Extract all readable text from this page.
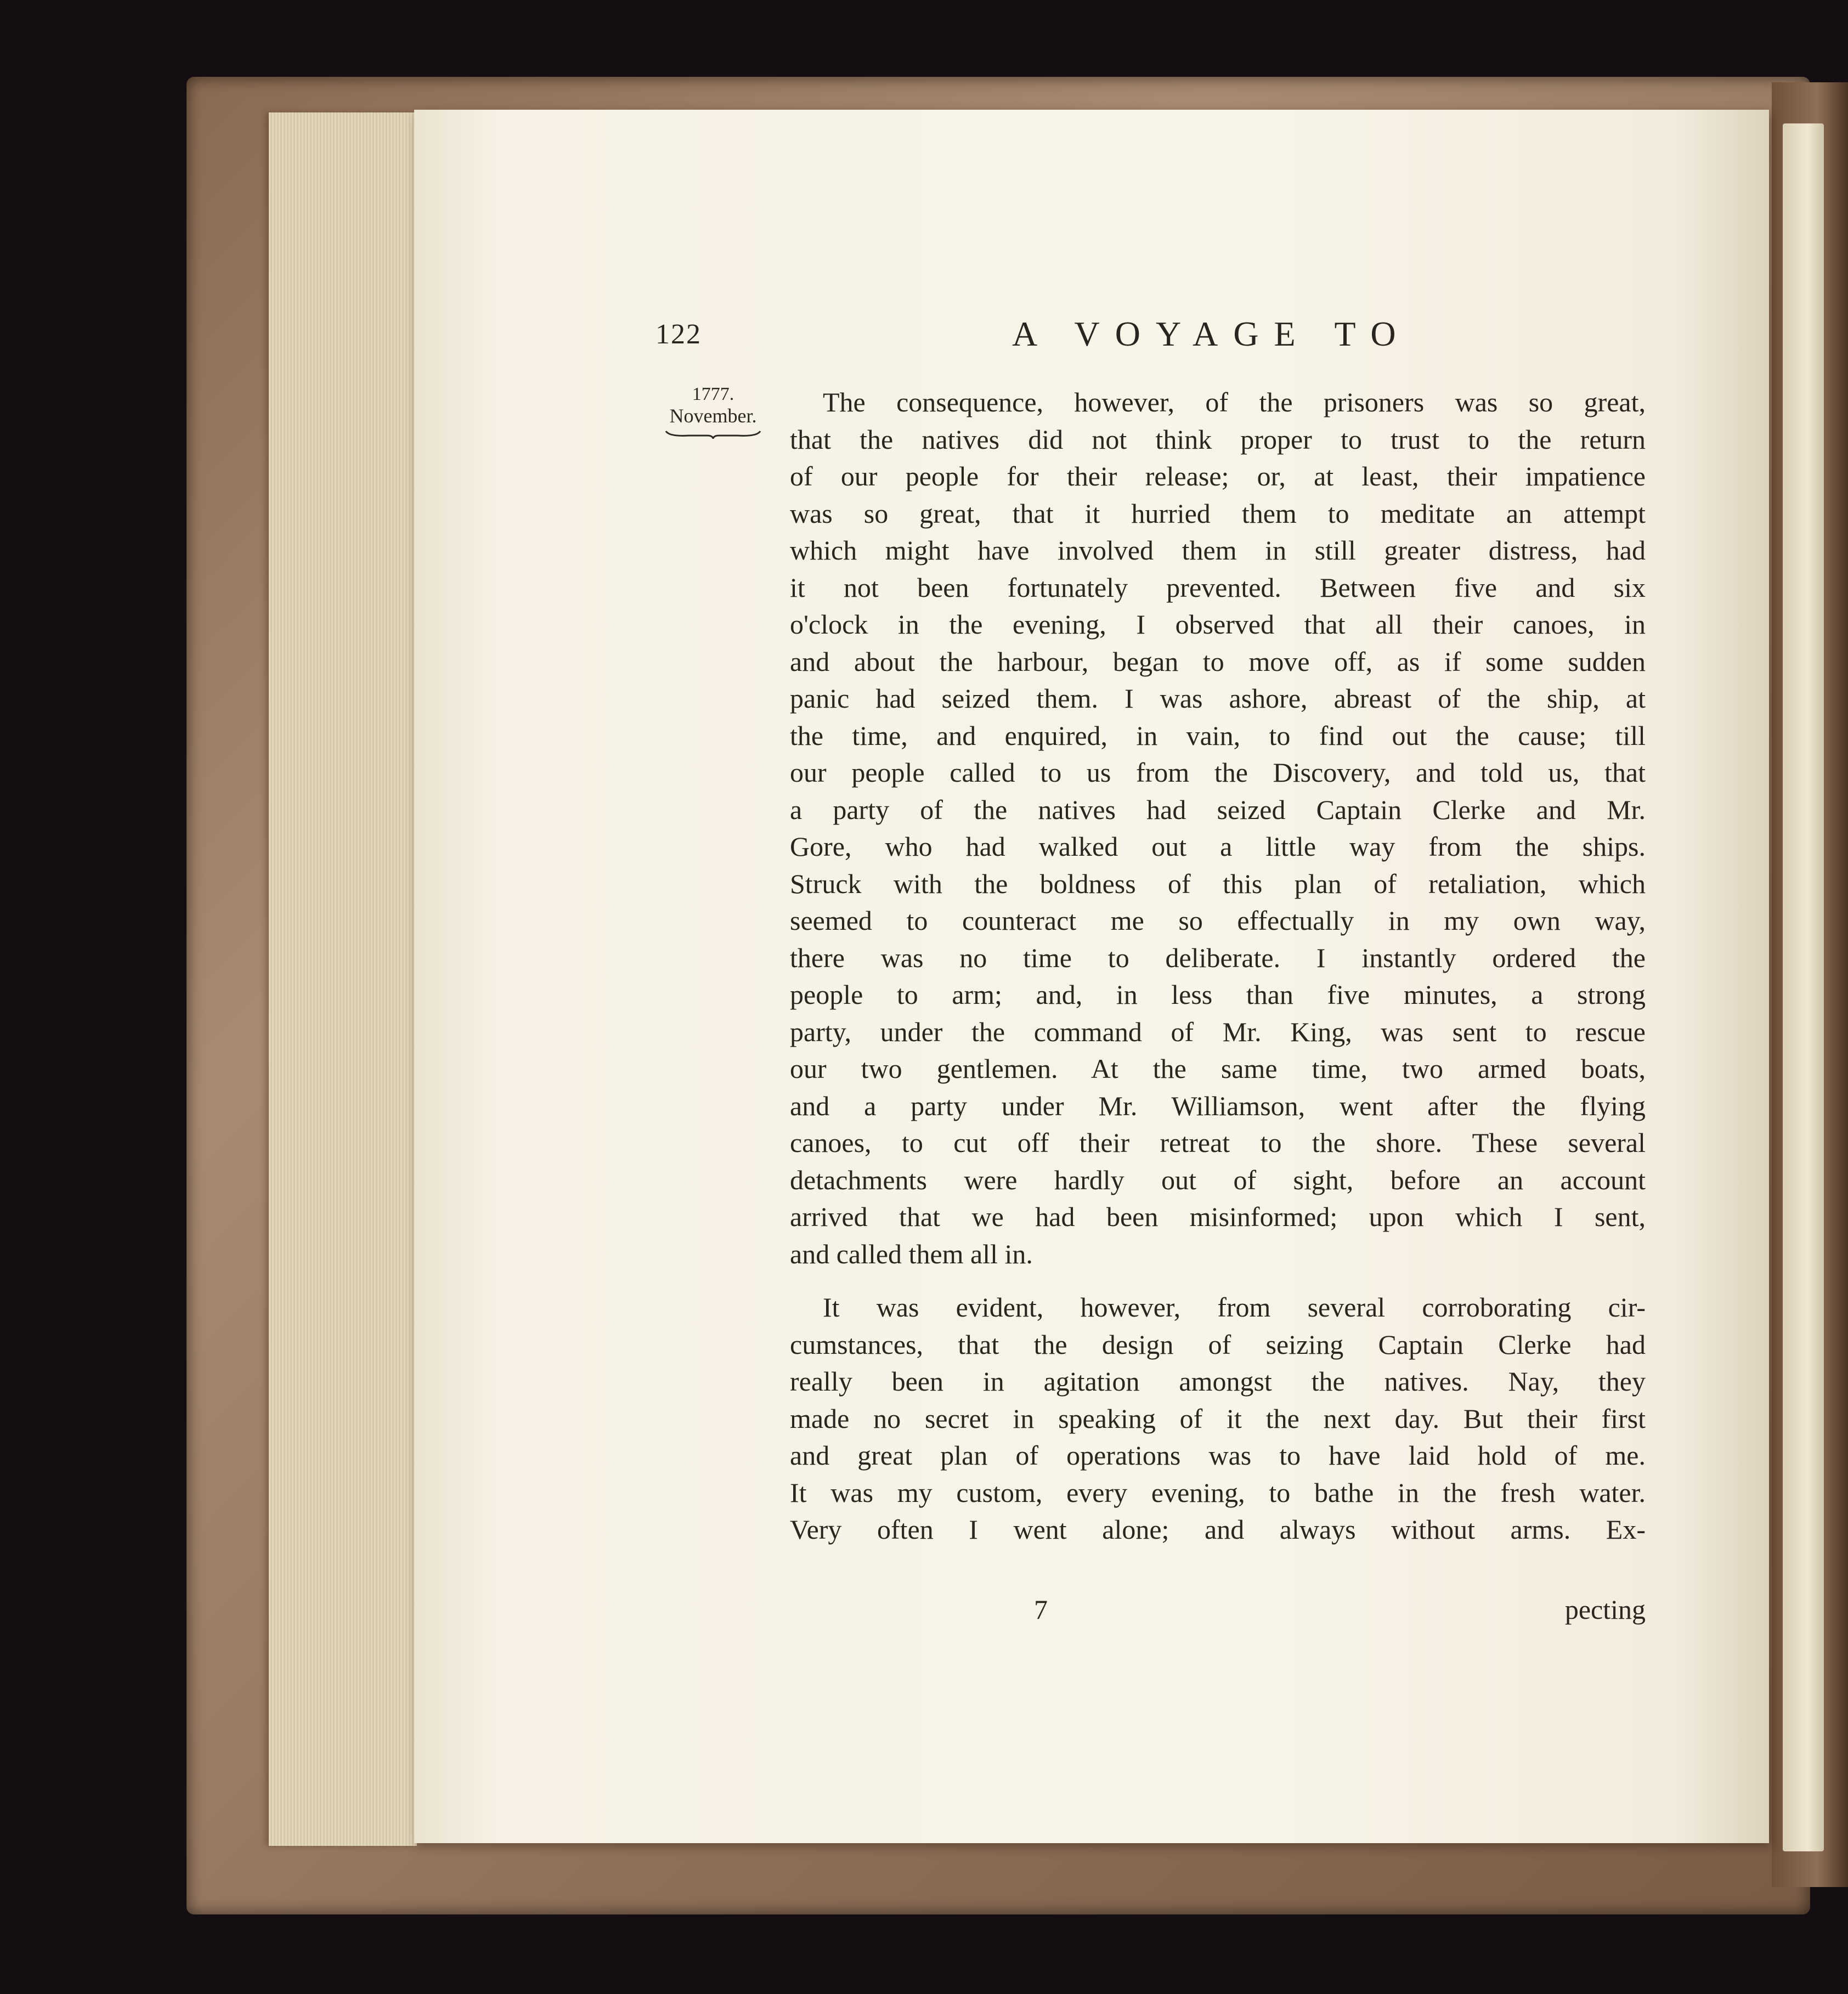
122	A VOYAGE TO
1777.
November.	The consequence, however, of the prisoners was so great,
that the natives did not think proper to trust to the return
of our people for their release; or, at least, their impatience
was so great, that it hurried them to meditate an attempt
which might have involved them in still greater distress, had
it not been fortunately prevented. Between five and six
o'clock in the evening, I observed that all their canoes, in
and about the harbour, began to move off, as if some sudden
panic had seized them. I was ashore, abreast of the ship, at
the time, and enquired, in vain, to find out the cause; till
our people called to us from the Discovery, and told us, that
a party of the natives had seized Captain Clerke and Mr.
Gore, who had walked out a little way from the ships.
Struck with the boldness of this plan of retaliation, which
seemed to counteract me so effectually in my own way,
there was no time to deliberate. I instantly ordered the
people to arm; and, in less than five minutes, a strong
party, under the command of Mr. King, was sent to rescue
our two gentlemen. At the same time, two armed boats,
and a party under Mr. Williamson, went after the flying
canoes, to cut off their retreat to the shore. These several
detachments were hardly out of sight, before an account
arrived that we had been misinformed; upon which I sent,
and called them all in.
It was evident, however, from several corroborating cir-
cumstances, that the design of seizing Captain Clerke had
really been in agitation amongst the natives. Nay, they
made no secret in speaking of it the next day. But their first
and great plan of operations was to have laid hold of me.
It was my custom, every evening, to bathe in the fresh water.
Very often I went alone; and always without arms. Ex-
7	pecting
